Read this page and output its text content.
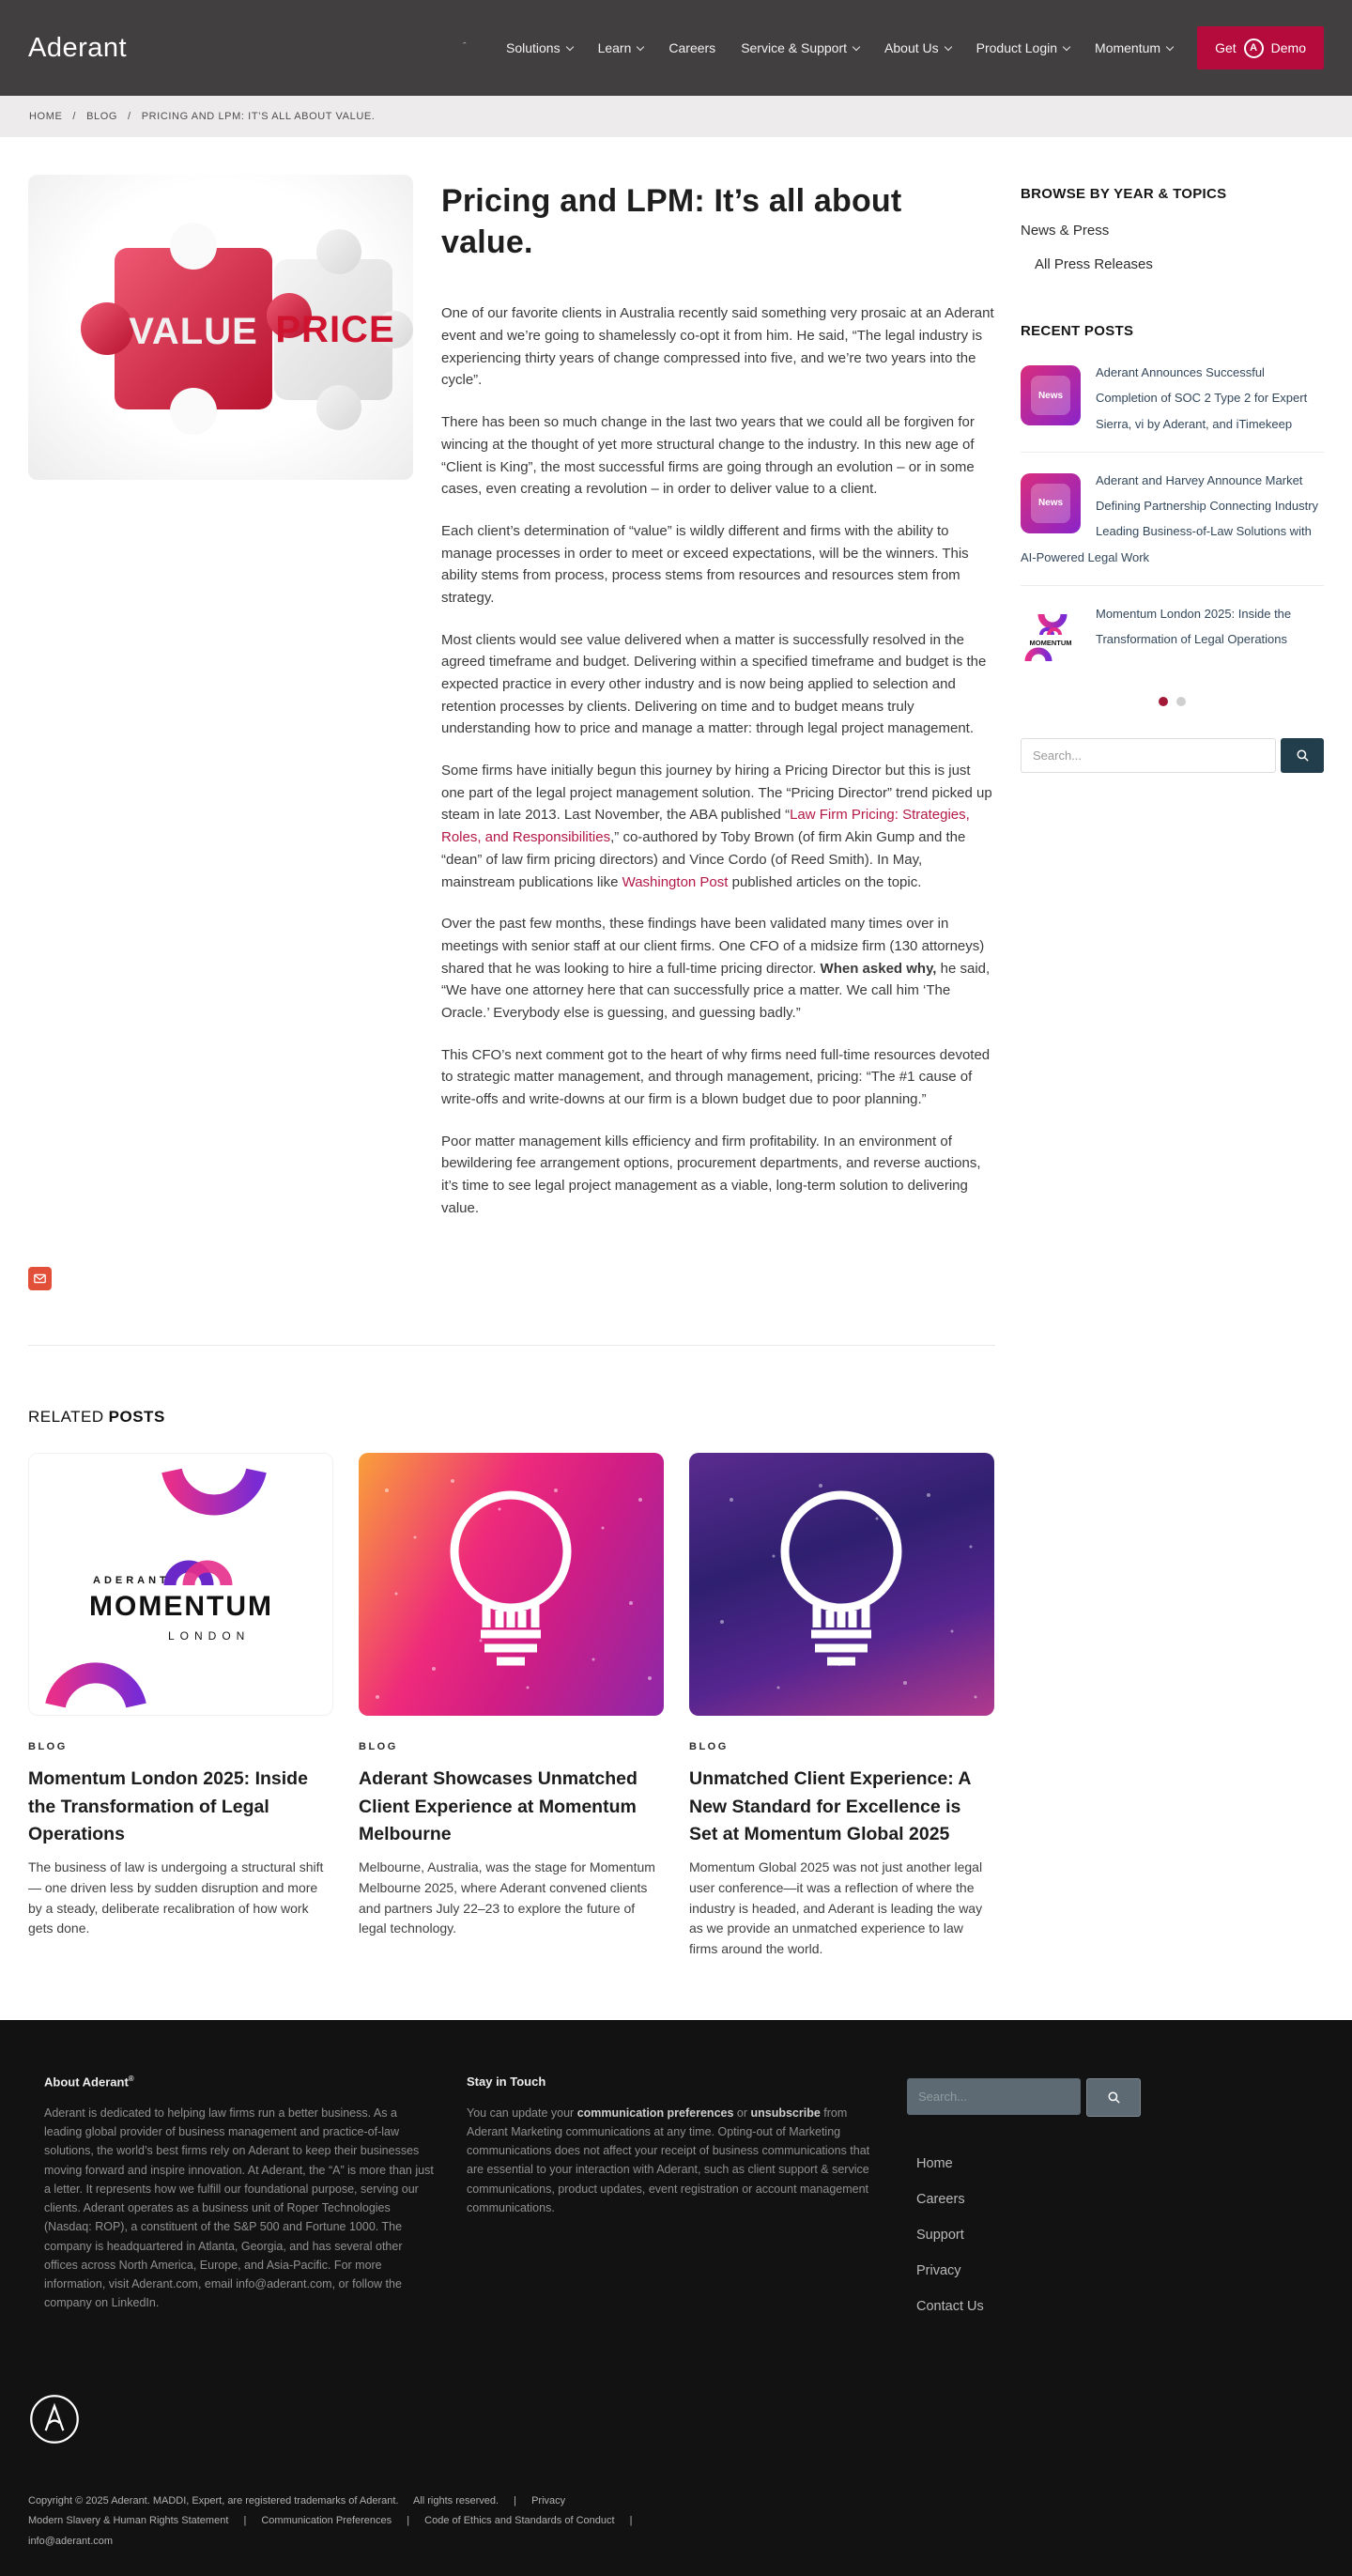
Aderant	ˆ	Solutions	Learn	Careers Service & Support	About Us	Product Login	Momentum	Get	A	Demo
HOME / BLOG / PRICING AND LPM: IT’S ALL ABOUT VALUE.
VALUE PRICE
Pricing and LPM: It’s all about value.

One of our favorite clients in Australia recently said something very prosaic at an Aderant event and we’re going to shamelessly co-opt it from him. He said, “The legal industry is experiencing thirty years of change compressed into five, and we’re two years into the cycle”.

There has been so much change in the last two years that we could all be forgiven for wincing at the thought of yet more structural change to the industry. In this new age of “Client is King”, the most successful firms are going through an evolution – or in some cases, even creating a revolution – in order to deliver value to a client.

Each client’s determination of “value” is wildly different and firms with the ability to manage processes in order to meet or exceed expectations, will be the winners. This ability stems from process, process stems from resources and resources stem from strategy.

Most clients would see value delivered when a matter is successfully resolved in the agreed timeframe and budget. Delivering within a specified timeframe and budget is the expected practice in every other industry and is now being applied to selection and retention processes by clients. Delivering on time and to budget means truly understanding how to price and manage a matter: through legal project management.

Some firms have initially begun this journey by hiring a Pricing Director but this is just one part of the legal project management solution. The “Pricing Director” trend picked up steam in late 2013. Last November, the ABA published “Law Firm Pricing: Strategies, Roles, and Responsibilities,” co-authored by Toby Brown (of firm Akin Gump and the “dean” of law firm pricing directors) and Vince Cordo (of Reed Smith). In May, mainstream publications like Washington Post published articles on the topic.

Over the past few months, these findings have been validated many times over in meetings with senior staff at our client firms. One CFO of a midsize firm (130 attorneys) shared that he was looking to hire a full-time pricing director. When asked why, he said, “We have one attorney here that can successfully price a matter. We call him ‘The Oracle.’ Everybody else is guessing, and guessing badly.”

This CFO’s next comment got to the heart of why firms need full-time resources devoted to strategic matter management, and through management, pricing: “The #1 cause of write-offs and write-downs at our firm is a blown budget due to poor planning.”

Poor matter management kills efficiency and firm profitability. In an environment of bewildering fee arrangement options, procurement departments, and reverse auctions, it’s time to see legal project management as a viable, long-term solution to delivering value.

BROWSE BY YEAR & TOPICS
News & Press
All Press Releases
RECENT POSTS
News
Aderant Announces Successful Completion of SOC 2 Type 2 for Expert Sierra, vi by Aderant, and iTimekeep
News
Aderant and Harvey Announce Market Defining Partnership Connecting Industry Leading Business-of-Law Solutions with AI-Powered Legal Work
MOMENTUM
Momentum London 2025: Inside the Transformation of Legal Operations
Search...
RELATED POSTS
ADERANT
MOMENTUM
LONDON
BLOG
Momentum London 2025: Inside the Transformation of Legal Operations

The business of law is undergoing a structural shift — one driven less by sudden disruption and more by a steady, deliberate recalibration of how work gets done.

BLOG
Aderant Showcases Unmatched Client Experience at Momentum Melbourne

Melbourne, Australia, was the stage for Momentum Melbourne 2025, where Aderant convened clients and partners July 22–23 to explore the future of legal technology.

BLOG
Unmatched Client Experience: A New Standard for Excellence is Set at Momentum Global 2025

Momentum Global 2025 was not just another legal user conference—it was a reflection of where the industry is headed, and Aderant is leading the way as we provide an unmatched experience to law firms around the world.

About Aderant®

Aderant is dedicated to helping law firms run a better business. As a leading global provider of business management and practice-of-law solutions, the world’s best firms rely on Aderant to keep their businesses moving forward and inspire innovation. At Aderant, the “A” is more than just a letter. It represents how we fulfill our foundational purpose, serving our clients. Aderant operates as a business unit of Roper Technologies (Nasdaq: ROP), a constituent of the S&P 500 and Fortune 1000. The company is headquartered in Atlanta, Georgia, and has several other offices across North America, Europe, and Asia-Pacific. For more information, visit Aderant.com, email info@aderant.com, or follow the company on LinkedIn.

Stay in Touch

You can update your communication preferences or unsubscribe from Aderant Marketing communications at any time. Opting-out of Marketing communications does not affect your receipt of business communications that are essential to your interaction with Aderant, such as client support & service communications, product updates, event registration or account management communications.

Search...
Home
Careers
Support
Privacy
Contact Us
Copyright © 2025 Aderant. MADDI, Expert, are registered trademarks of Aderant. All rights reserved. | Privacy
Modern Slavery & Human Rights Statement | Communication Preferences | Code of Ethics and Standards of Conduct |
info@aderant.com
